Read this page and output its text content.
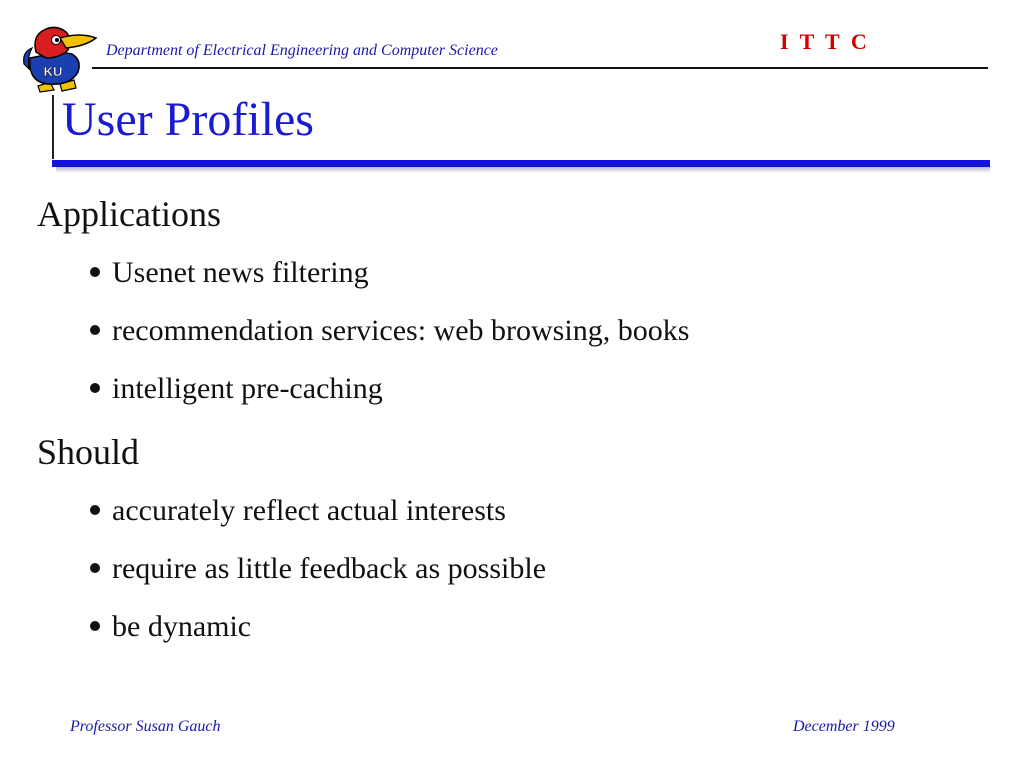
KU
Department of Electrical Engineering and Computer Science	I T T C
User Profiles
Applications
Usenet news filtering
recommendation services: web browsing, books
intelligent pre-caching
Should
accurately reflect actual interests
require as little feedback as possible
be dynamic
Professor Susan Gauch	December 1999
